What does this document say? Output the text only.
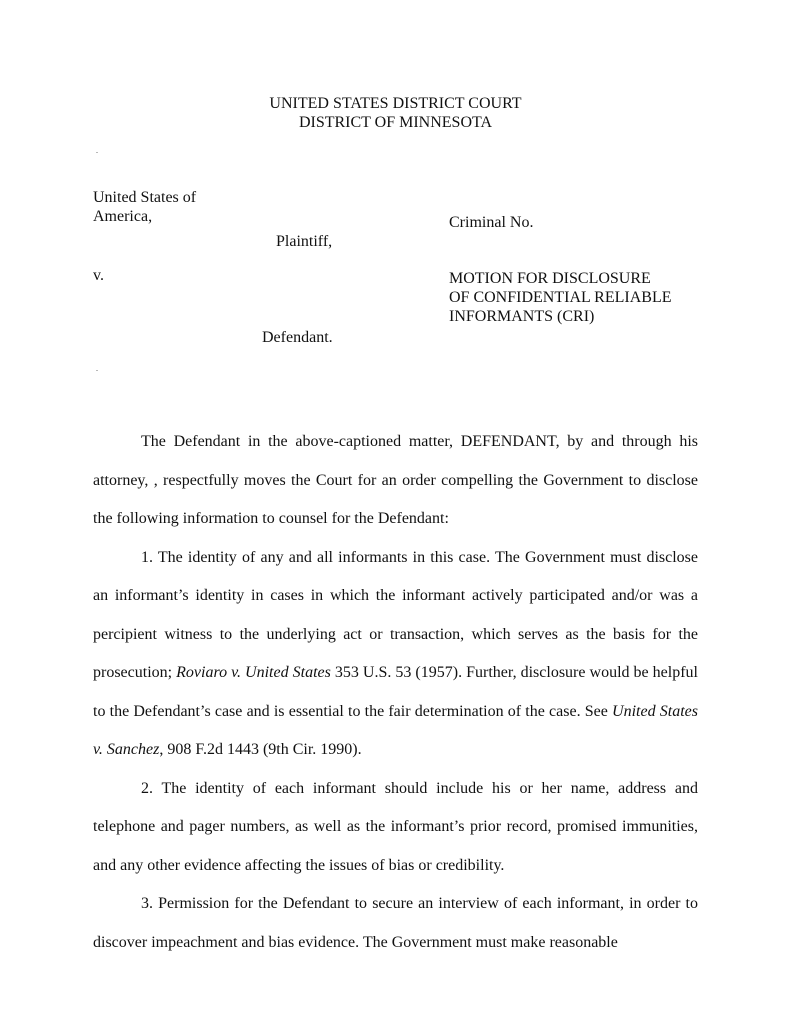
UNITED STATES DISTRICT COURT
DISTRICT OF MINNESOTA
United States of America,
Plaintiff,
v.
Defendant.
Criminal No.
MOTION FOR DISCLOSURE
OF CONFIDENTIAL RELIABLE
INFORMANTS (CRI)

The Defendant in the above-captioned matter, DEFENDANT, by and through his attorney, , respectfully moves the Court for an order compelling the Government to disclose the following information to counsel for the Defendant:

1. The identity of any and all informants in this case. The Government must disclose an informant’s identity in cases in which the informant actively participated and/or was a percipient witness to the underlying act or transaction, which serves as the basis for the prosecution; Roviaro v. United States 353 U.S. 53 (1957). Further, disclosure would be helpful to the Defendant’s case and is essential to the fair determination of the case. See United States v. Sanchez, 908 F.2d 1443 (9th Cir. 1990).

2. The identity of each informant should include his or her name, address and telephone and pager numbers, as well as the informant’s prior record, promised immunities, and any other evidence affecting the issues of bias or credibility.

3. Permission for the Defendant to secure an interview of each informant, in order to discover impeachment and bias evidence. The Government must make reasonable
